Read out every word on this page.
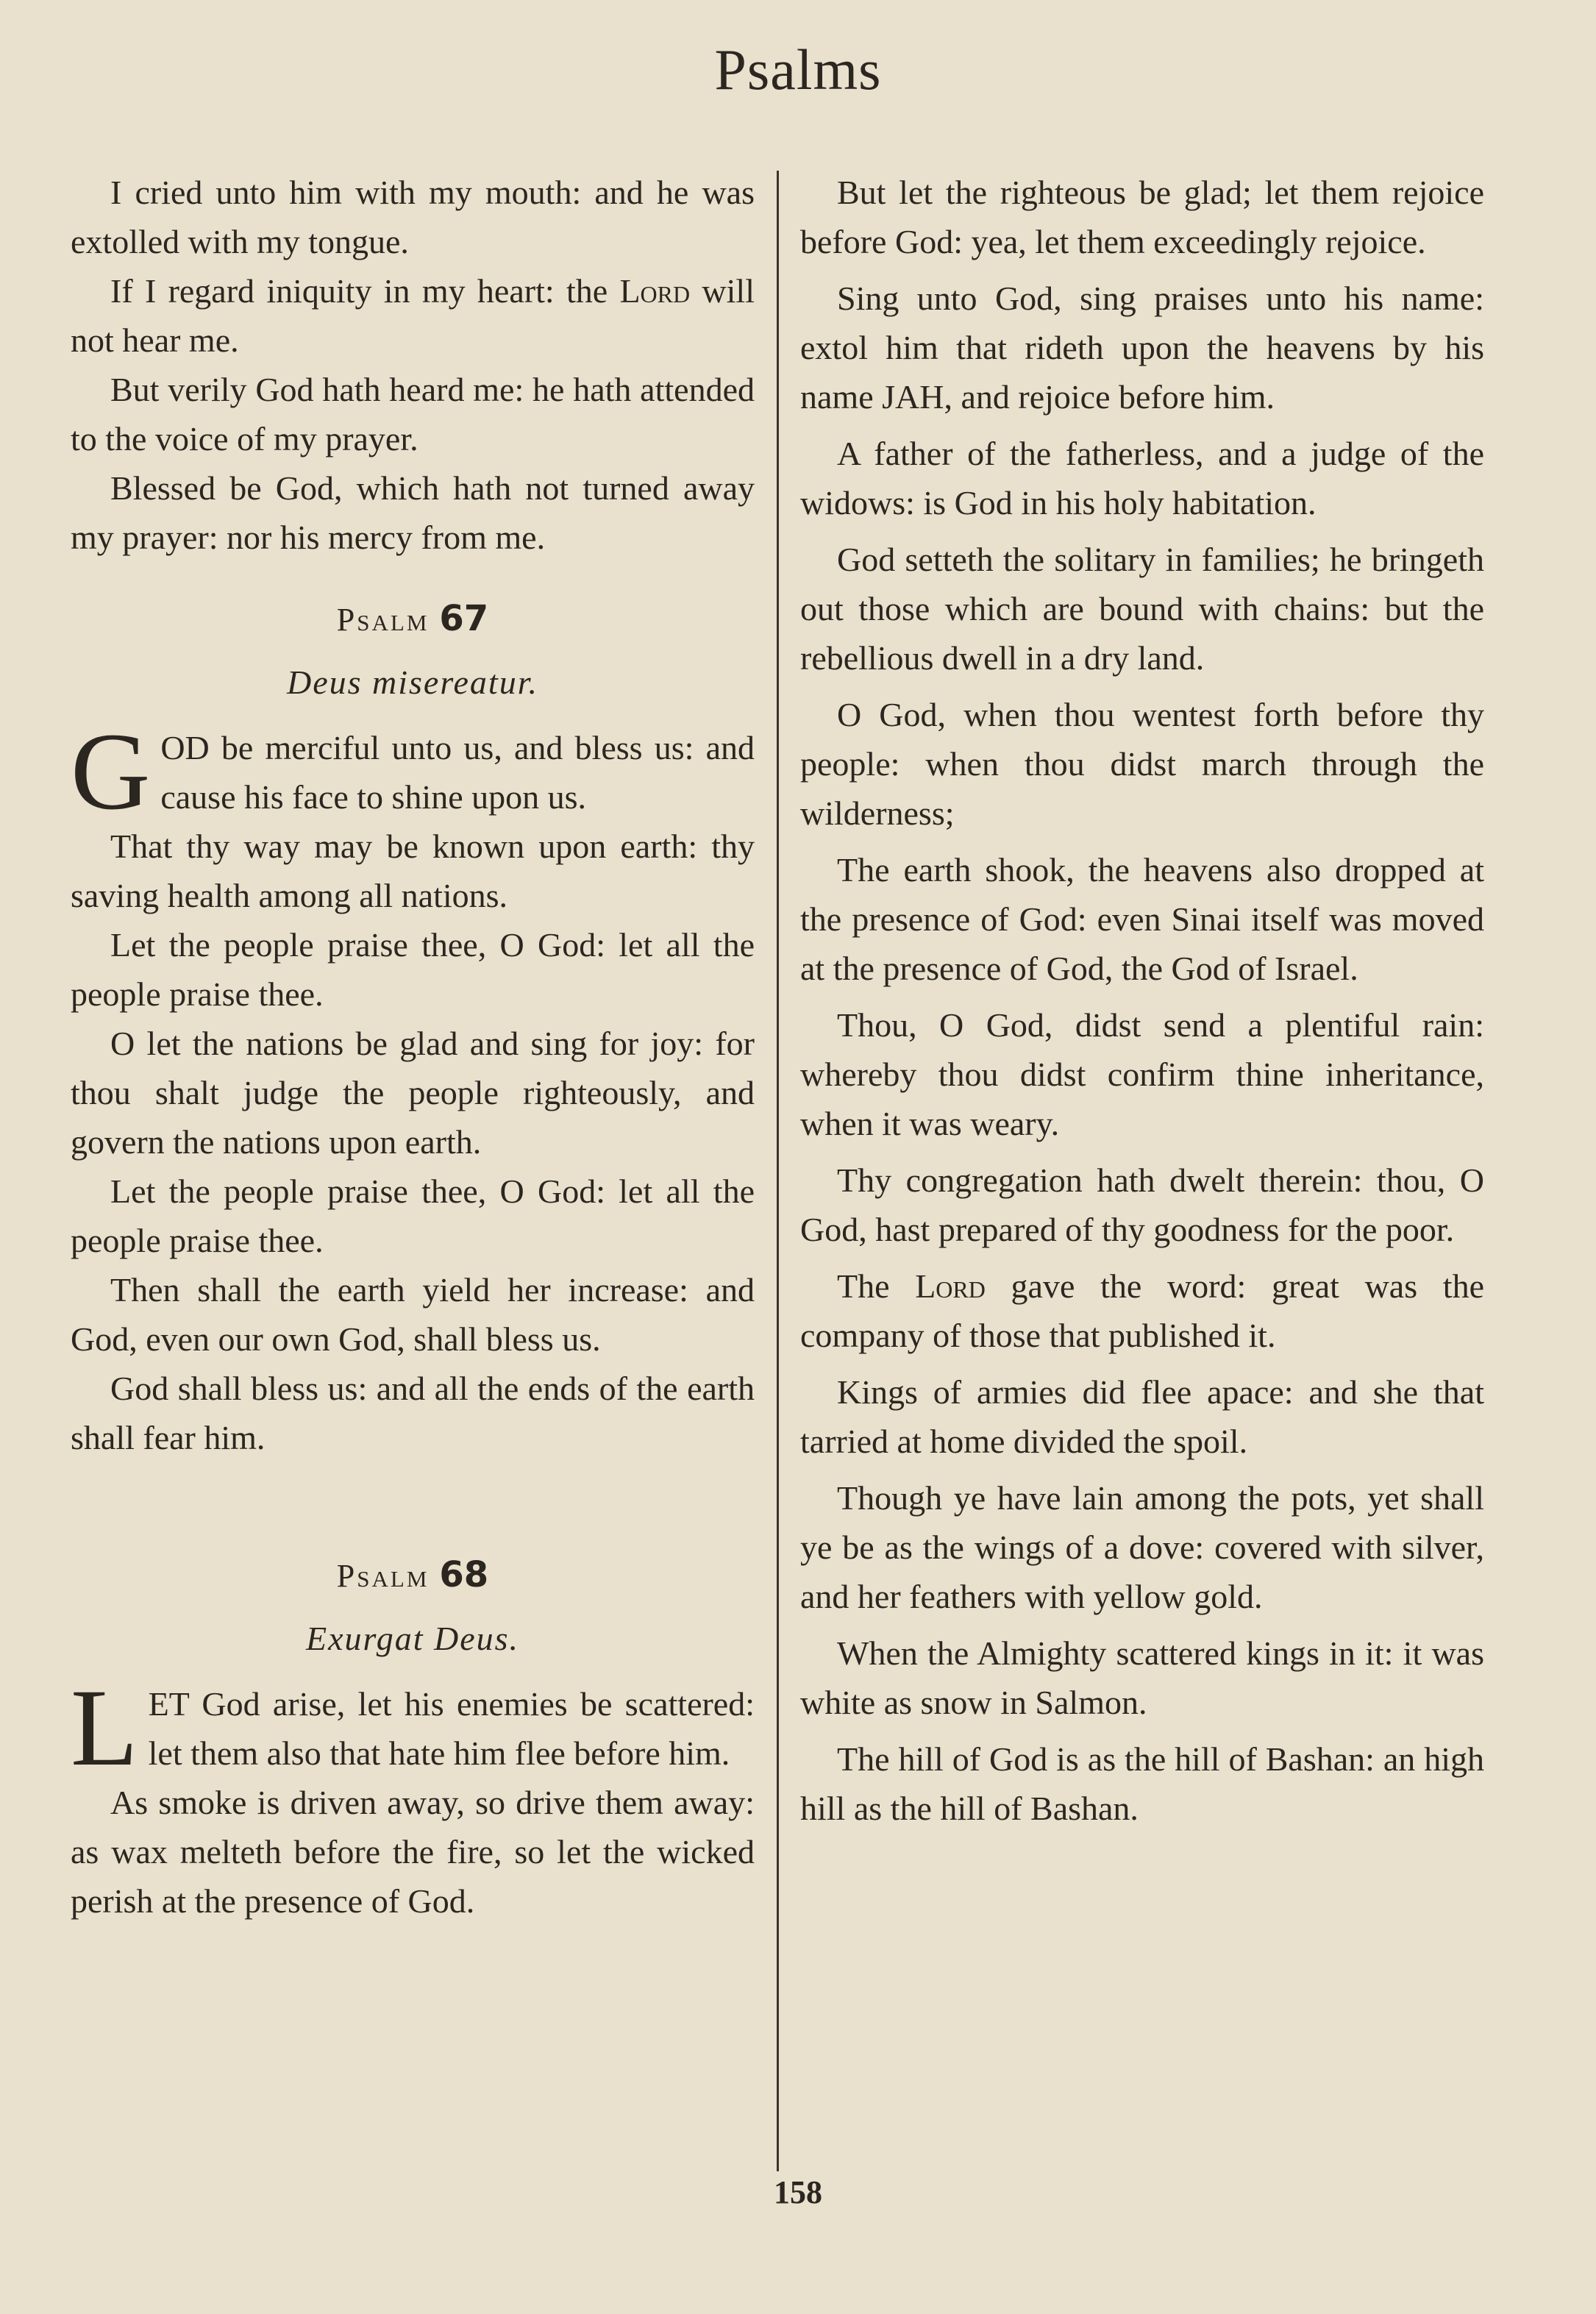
Psalms

I cried unto him with my mouth: and he was extolled with my tongue.

If I regard iniquity in my heart: the Lord will not hear me.

But verily God hath heard me: he hath attended to the voice of my prayer.

Blessed be God, which hath not turned away my prayer: nor his mercy from me.

Psalm 67

Deus misereatur.

G OD be merciful unto us, and bless us: and cause his face to shine upon us.

That thy way may be known upon earth: thy saving health among all nations.

Let the people praise thee, O God: let all the people praise thee.

O let the nations be glad and sing for joy: for thou shalt judge the people righteously, and govern the nations upon earth.

Let the people praise thee, O God: let all the people praise thee.

Then shall the earth yield her increase: and God, even our own God, shall bless us.

God shall bless us: and all the ends of the earth shall fear him.

Psalm 68

Exurgat Deus.

L ET God arise, let his enemies be scattered: let them also that hate him flee before him.

As smoke is driven away, so drive them away: as wax melteth before the fire, so let the wicked perish at the presence of God.

But let the righteous be glad; let them rejoice before God: yea, let them exceedingly rejoice.

Sing unto God, sing praises unto his name: extol him that rideth upon the heavens by his name JAH, and rejoice before him.

A father of the fatherless, and a judge of the widows: is God in his holy habitation.

God setteth the solitary in families; he bringeth out those which are bound with chains: but the rebellious dwell in a dry land.

O God, when thou wentest forth before thy people: when thou didst march through the wilderness;

The earth shook, the heavens also dropped at the presence of God: even Sinai itself was moved at the presence of God, the God of Israel.

Thou, O God, didst send a plentiful rain: whereby thou didst confirm thine inheritance, when it was weary.

Thy congregation hath dwelt therein: thou, O God, hast prepared of thy goodness for the poor.

The Lord gave the word: great was the company of those that published it.

Kings of armies did flee apace: and she that tarried at home divided the spoil.

Though ye have lain among the pots, yet shall ye be as the wings of a dove: covered with silver, and her feathers with yellow gold.

When the Almighty scattered kings in it: it was white as snow in Salmon.

The hill of God is as the hill of Bashan: an high hill as the hill of Bashan.

158
